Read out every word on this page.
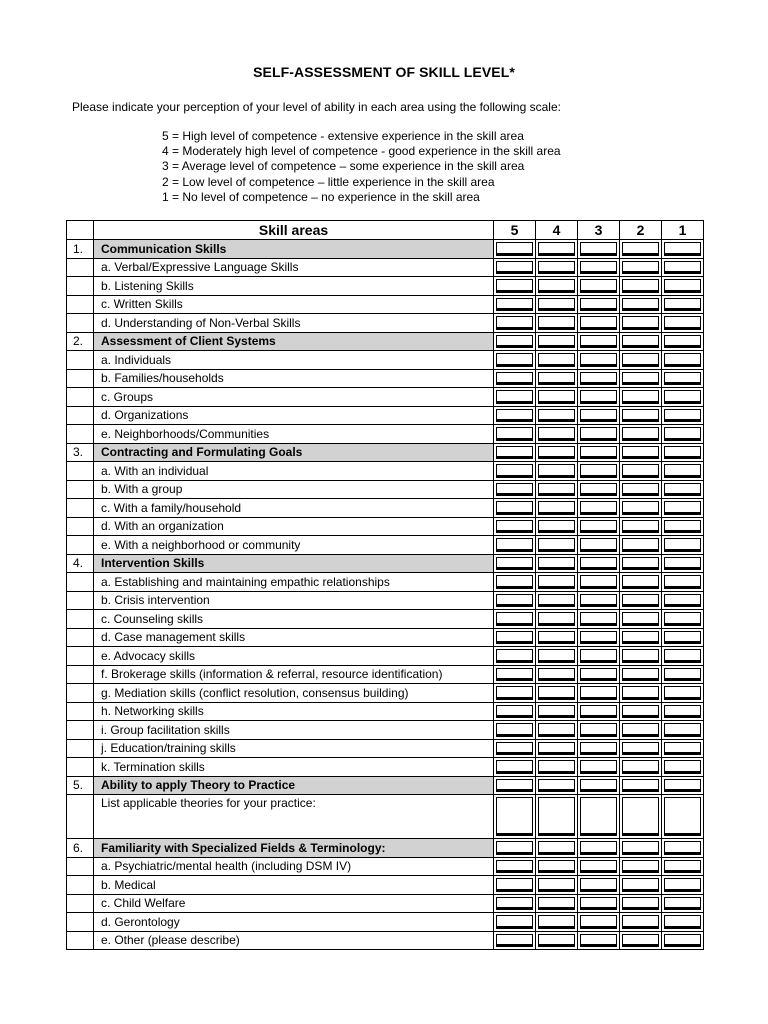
SELF-ASSESSMENT OF SKILL LEVEL*

Please indicate your perception of your level of ability in each area using the following scale:

5 = High level of competence - extensive experience in the skill area
4 = Moderately high level of competence - good experience in the skill area
3 = Average level of competence – some experience in the skill area
2 = Low level of competence – little experience in the skill area
1 = No level of competence – no experience in the skill area
	Skill areas	5	4	3	2	1
1.	Communication Skills	

	a. Verbal/Expressive Language Skills	

	b. Listening Skills	

	c. Written Skills	

	d. Understanding of Non-Verbal Skills	

2.	Assessment of Client Systems	

	a. Individuals	

	b. Families/households	

	c. Groups	

	d. Organizations	

	e. Neighborhoods/Communities	

3.	Contracting and Formulating Goals	

	a. With an individual	

	b. With a group	

	c. With a family/household	

	d. With an organization	

	e. With a neighborhood or community	

4.	Intervention Skills	

	a. Establishing and maintaining empathic relationships	

	b. Crisis intervention	

	c. Counseling skills	

	d. Case management skills	

	e. Advocacy skills	

	f. Brokerage skills (information & referral, resource identification)	

	g. Mediation skills (conflict resolution, consensus building)	

	h. Networking skills	

	i. Group facilitation skills	

	j. Education/training skills	

	k. Termination skills	

5.	Ability to apply Theory to Practice	

	List applicable theories for your practice:	

6.	Familiarity with Specialized Fields & Terminology:	

	a. Psychiatric/mental health (including DSM IV)	

	b. Medical	

	c. Child Welfare	

	d. Gerontology	

	e. Other (please describe)	
